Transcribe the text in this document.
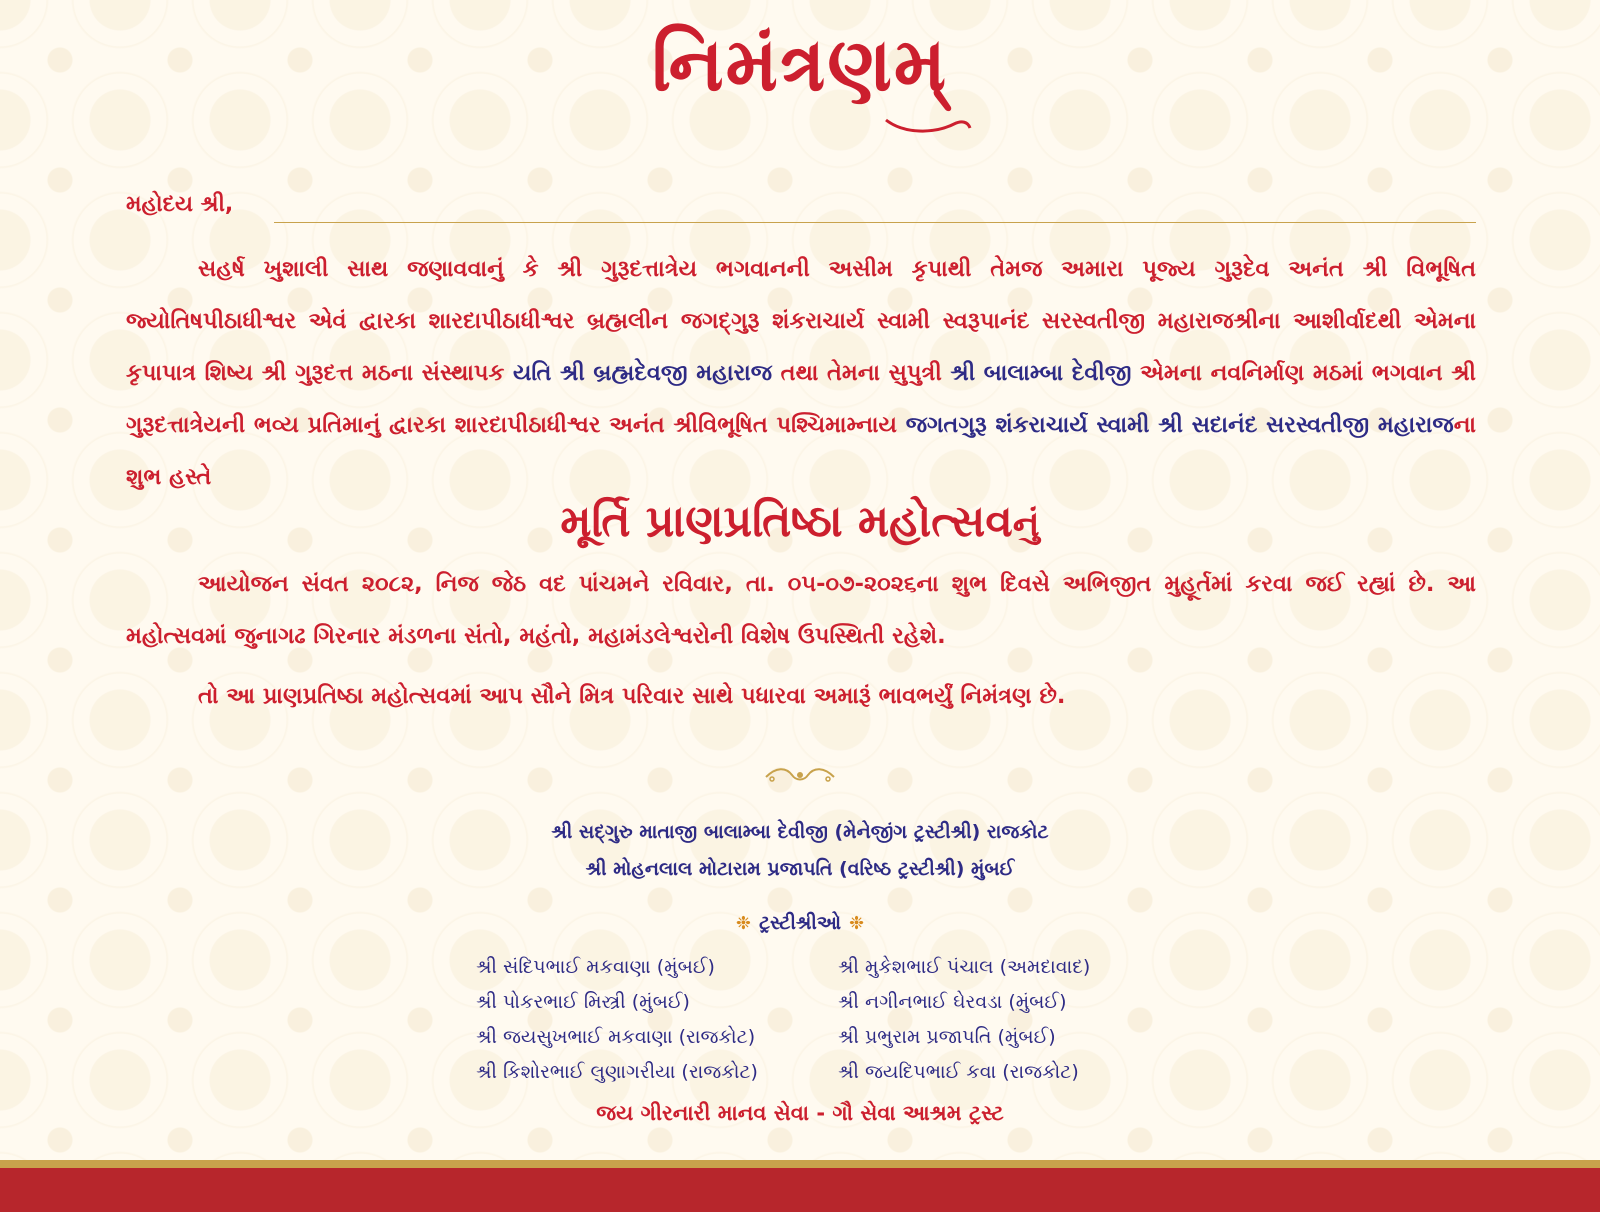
નિમંત્રણમ્
મહોદય શ્રી,

સહર્ષ ખુશાલી સાથ જણાવવાનું કે શ્રી ગુરૂદત્તાત્રેય ભગવાનની અસીમ કૃપાથી તેમજ અમારા પૂજ્ય ગુરૂદેવ અનંત શ્રી વિભૂષિત જ્યોતિષપીઠાધીશ્વર એવં દ્વારકા શારદાપીઠાધીશ્વર બ્રહ્મલીન જગદ્ગુરૂ શંકરાચાર્ય સ્વામી સ્વરૂપાનંદ સરસ્વતીજી મહારાજશ્રીના આશીર્વાદથી એમના કૃપાપાત્ર શિષ્ય શ્રી ગુરૂદત્ત મઠના સંસ્થાપક યતિ શ્રી બ્રહ્મદેવજી મહારાજ તથા તેમના સુપુત્રી શ્રી બાલામ્બા દેવીજી એમના નવનિર્માણ મઠમાં ભગવાન શ્રી ગુરૂદત્તાત્રેયની ભવ્ય પ્રતિમાનું દ્વારકા શારદાપીઠાધીશ્વર અનંત શ્રીવિભૂષિત પશ્ચિમામ્નાય જગતગુરૂ શંકરાચાર્ય સ્વામી શ્રી સદાનંદ સરસ્વતીજી મહારાજના શુભ હસ્તે

મૂર્તિ પ્રાણપ્રતિષ્ઠા મહોત્સવનું

આયોજન સંવત ૨૦૮૨, નિજ જેઠ વદ પાંચમને રવિવાર, તા. ૦૫-૦૭-૨૦૨૬ના શુભ દિવસે અભિજીત મુહૂર્તમાં કરવા જઈ રહ્યાં છે. આ મહોત્સવમાં જુનાગઢ ગિરનાર મંડળના સંતો, મહંતો, મહામંડલેશ્વરોની વિશેષ ઉપસ્થિતી રહેશે.

તો આ પ્રાણપ્રતિષ્ઠા મહોત્સવમાં આપ સૌને મિત્ર પરિવાર સાથે પધારવા અમારૂં ભાવભર્યું નિમંત્રણ છે.

શ્રી સદ્ગુરુ માતાજી બાલામ્બા દેવીજી (મેનેજીંગ ટ્રસ્ટીશ્રી) રાજકોટ
શ્રી મોહનલાલ મોટારામ પ્રજાપતિ (વરિષ્ઠ ટ્રસ્ટીશ્રી) મુંબઈ
❉ ટ્રસ્ટીશ્રીઓ ❉
શ્રી સંદિપભાઈ મકવાણા (મુંબઈ)
શ્રી પોકરભાઈ મિસ્ત્રી (મુંબઈ)
શ્રી જયસુખભાઈ મકવાણા (રાજકોટ)
શ્રી કિશોરભાઈ લુણાગરીયા (રાજકોટ)
શ્રી મુકેશભાઈ પંચાલ (અમદાવાદ)
શ્રી નગીનભાઈ ઘેરવડા (મુંબઈ)
શ્રી પ્રભુરામ પ્રજાપતિ (મુંબઈ)
શ્રી જયદિપભાઈ કવા (રાજકોટ)
જય ગીરનારી માનવ સેવા - ગૌ સેવા આશ્રમ ટ્રસ્ટ
